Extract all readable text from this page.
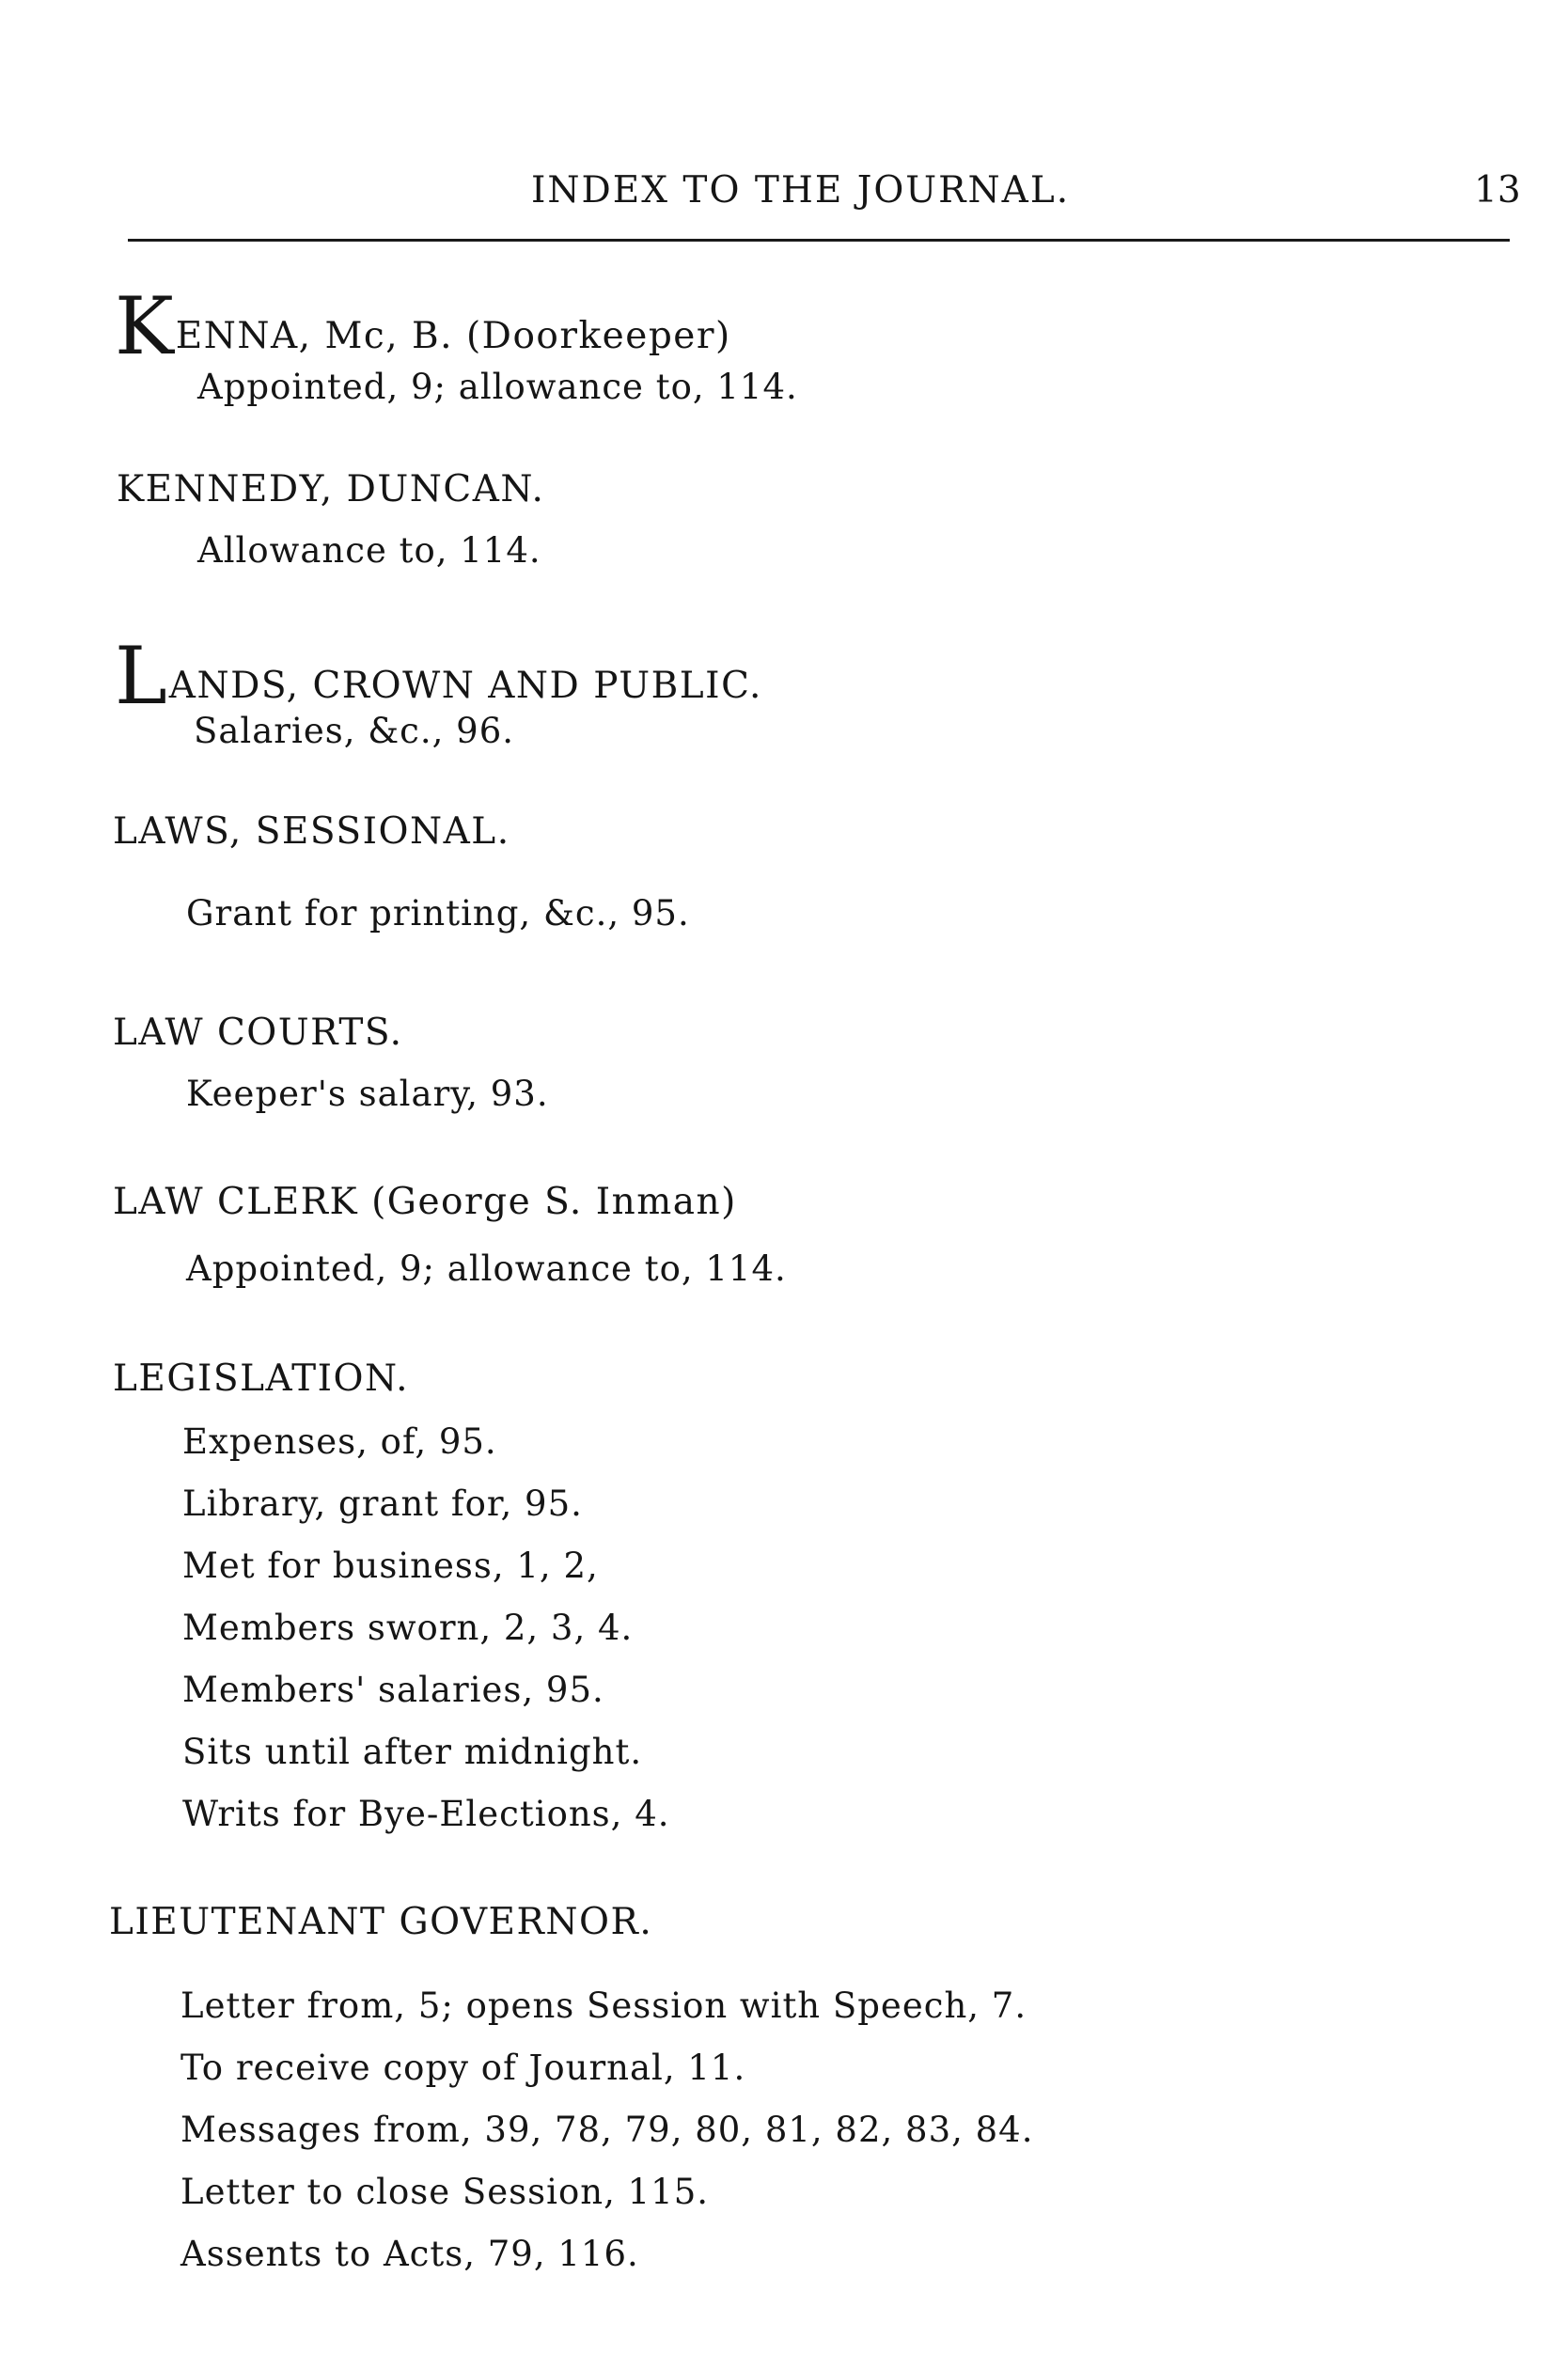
INDEX TO THE JOURNAL.	13
KENNA, Mc, B. (Doorkeeper)
Appointed, 9; allowance to, 114.
KENNEDY, DUNCAN.
Allowance to, 114.
LANDS, CROWN AND PUBLIC.
Salaries, &c., 96.
LAWS, SESSIONAL.
Grant for printing, &c., 95.
LAW COURTS.
Keeper's salary, 93.
LAW CLERK (George S. Inman)
Appointed, 9; allowance to, 114.
LEGISLATION.
Expenses, of, 95.
Library, grant for, 95.
Met for business, 1, 2,
Members sworn, 2, 3, 4.
Members' salaries, 95.
Sits until after midnight.
Writs for Bye-Elections, 4.
LIEUTENANT GOVERNOR.
Letter from, 5; opens Session with Speech, 7.
To receive copy of Journal, 11.
Messages from, 39, 78, 79, 80, 81, 82, 83, 84.
Letter to close Session, 115.
Assents to Acts, 79, 116.
